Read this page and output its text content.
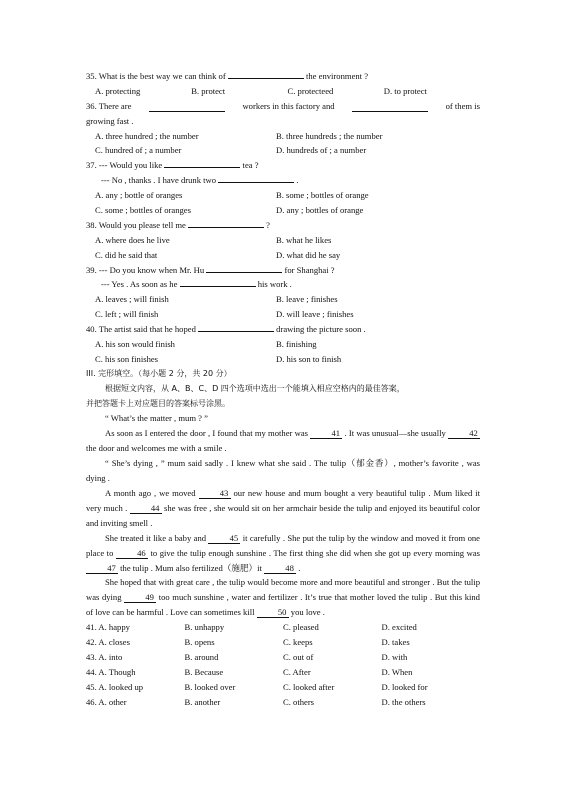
35. What is the best way we can think of	the environment ?
A. protecting	B. protect	C. protecteed	D. to protect
36. There are	workers in this factory and	of them is
growing fast .
A. three hundred ; the number	B. three hundreds ; the number
C. hundred of ; a number	D. hundreds of ; a number
37. --- Would you like	tea ?
--- No , thanks . I have drunk two	.
A. any ; bottle of oranges	B. some ; bottles of orange
C. some ; bottles of oranges	D. any ; bottles of orange
38. Would you please tell me	?
A. where does he live	B. what he likes
C. did he said that	D. what did he say
39. --- Do you know when Mr. Hu	for Shanghai ?
--- Yes . As soon as he	his work .
A. leaves ; will finish	B. leave ; finishes
C. left ; will finish	D. will leave ; finishes
40. The artist said that he hoped	drawing the picture soon .
A. his son would finish	B. finishing
C. his son finishes	D. his son to finish
III. 完形填空。（每小题 2 分，共 20 分）
根据短文内容，从 A、B、C、D 四个选项中选出一个能填入相应空格内的最佳答案，
并把答题卡上对应题目的答案标号涂黑。
“ What’s the matter , mum ? ”
As soon as I entered the door , I found that my mother was 41 . It was unusual—she usually 42 the door and welcomes me with a smile .
“ She’s dying , ” mum said sadly . I knew what she said . The tulip（郁金香）, mother’s favorite , was dying .
A month ago , we moved 43 our new house and mum bought a very beautiful tulip . Mum liked it very much . 44 she was free , she would sit on her armchair beside the tulip and enjoyed its beautiful color and inviting smell .
She treated it like a baby and 45 it carefully . She put the tulip by the window and moved it from one place to 46 to give the tulip enough sunshine . The first thing she did when she got up every morning was 47 the tulip . Mum also fertilized（施肥）it 48 .
She hoped that with great care , the tulip would become more and more beautiful and stronger . But the tulip was dying 49 too much sunshine , water and fertilizer . It’s true that mother loved the tulip . But this kind of love can be harmful . Love can sometimes kill 50 you love .
41. A. happy	B. unhappy	C. pleased	D. excited
42. A. closes	B. opens	C. keeps	D. takes
43. A. into	B. around	C. out of	D. with
44. A. Though	B. Because	C. After	D. When
45. A. looked up	B. looked over	C. looked after	D. looked for
46. A. other	B. another	C. others	D. the others
